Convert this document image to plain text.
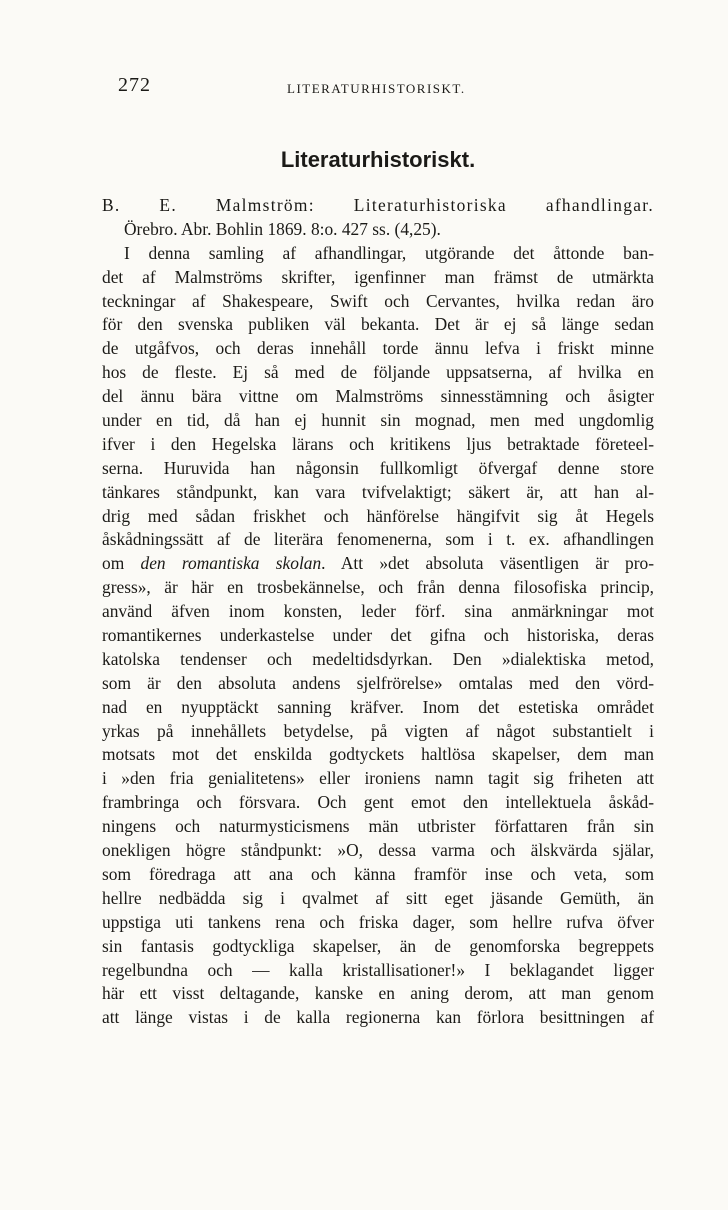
272	LITERATURHISTORISKT.
Literaturhistoriskt.
B. E. Malmström: Literaturhistoriska afhandlingar.
Örebro. Abr. Bohlin 1869. 8:o. 427 ss. (4,25).
I denna samling af afhandlingar, utgörande det åttonde ban-
det af Malmströms skrifter, igenfinner man främst de utmärkta
teckningar af Shakespeare, Swift och Cervantes, hvilka redan äro
för den svenska publiken väl bekanta. Det är ej så länge sedan
de utgåfvos, och deras innehåll torde ännu lefva i friskt minne
hos de fleste. Ej så med de följande uppsatserna, af hvilka en
del ännu bära vittne om Malmströms sinnesstämning och åsigter
under en tid, då han ej hunnit sin mognad, men med ungdomlig
ifver i den Hegelska lärans och kritikens ljus betraktade företeel-
serna. Huruvida han någonsin fullkomligt öfvergaf denne store
tänkares ståndpunkt, kan vara tvifvelaktigt; säkert är, att han al-
drig med sådan friskhet och hänförelse hängifvit sig åt Hegels
åskådningssätt af de literära fenomenerna, som i t. ex. afhandlingen
om den romantiska skolan. Att »det absoluta väsentligen är pro-
gress», är här en trosbekännelse, och från denna filosofiska princip,
använd äfven inom konsten, leder förf. sina anmärkningar mot
romantikernes underkastelse under det gifna och historiska, deras
katolska tendenser och medeltidsdyrkan. Den »dialektiska metod,
som är den absoluta andens sjelfrörelse» omtalas med den vörd-
nad en nyupptäckt sanning kräfver. Inom det estetiska området
yrkas på innehållets betydelse, på vigten af något substantielt i
motsats mot det enskilda godtyckets haltlösa skapelser, dem man
i »den fria genialitetens» eller ironiens namn tagit sig friheten att
frambringa och försvara. Och gent emot den intellektuela åskåd-
ningens och naturmysticismens män utbrister författaren från sin
onekligen högre ståndpunkt: »O, dessa varma och älskvärda själar,
som föredraga att ana och känna framför inse och veta, som
hellre nedbädda sig i qvalmet af sitt eget jäsande Gemüth, än
uppstiga uti tankens rena och friska dager, som hellre rufva öfver
sin fantasis godtyckliga skapelser, än de genomforska begreppets
regelbundna och — kalla kristallisationer!» I beklagandet ligger
här ett visst deltagande, kanske en aning derom, att man genom
att länge vistas i de kalla regionerna kan förlora besittningen af
